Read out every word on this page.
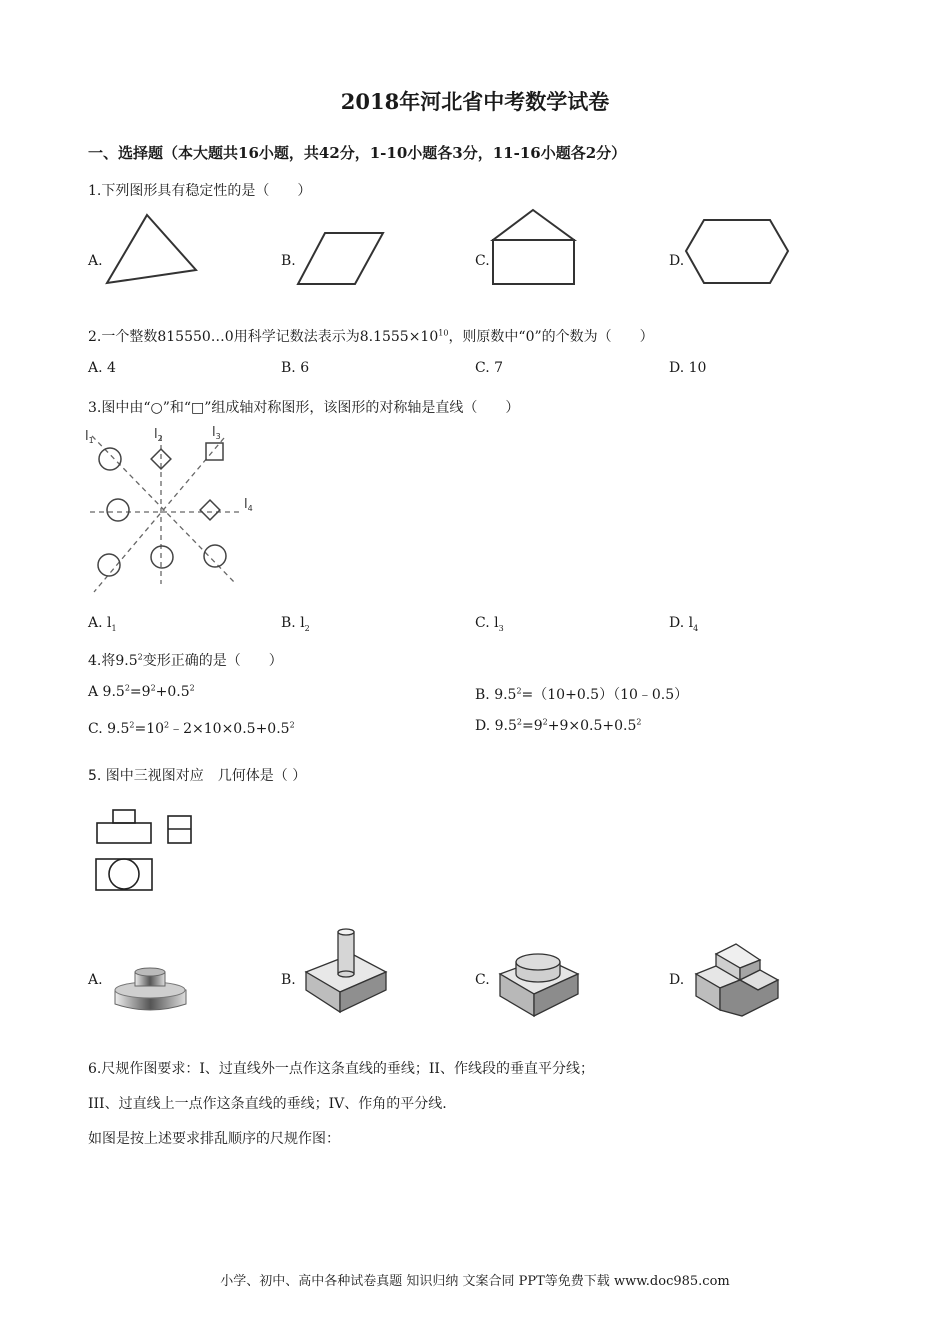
2018年河北省中考数学试卷
一、选择题（本大题共16小题，共42分，1-10小题各3分，11-16小题各2分）
1.下列图形具有稳定性的是（　　）
A.	B.	C.	D.
2.一个整数815550…0用科学记数法表示为$8.1555\times 10^{10}$，则原数中“0”的个数为（　　）
A. 4	B. 6	C. 7	D. 10
3.图中由“○”和“□”组成轴对称图形，该图形的对称轴是直线（　　）
$l_1$	$l_2$	$l_3$
$l_4$
A. $l_1$	B. $l_2$	C. $l_3$	D. $l_4$
4.将$9.5^2$变形正确的是（　　）
A $9.5^2=9^2+0.5^2$	B. $9.5^2=(10+0.5)(10﹣0.5)$
C. $9.5^2=10^2﹣2\times 10\times 0.5+0.5^2$	D. $9.5^2=9^2+9\times 0.5+0.5^2$
5. 图中三视图对应　几何体是（ ）
A.	B.	C.	D.
6.尺规作图要求：I、过直线外一点作这条直线的垂线；II、作线段的垂直平分线；
III、过直线上一点作这条直线的垂线；IV、作角的平分线.
如图是按上述要求排乱顺序的尺规作图：
小学、初中、高中各种试卷真题 知识归纳 文案合同 PPT等免费下载 www.doc985.com
